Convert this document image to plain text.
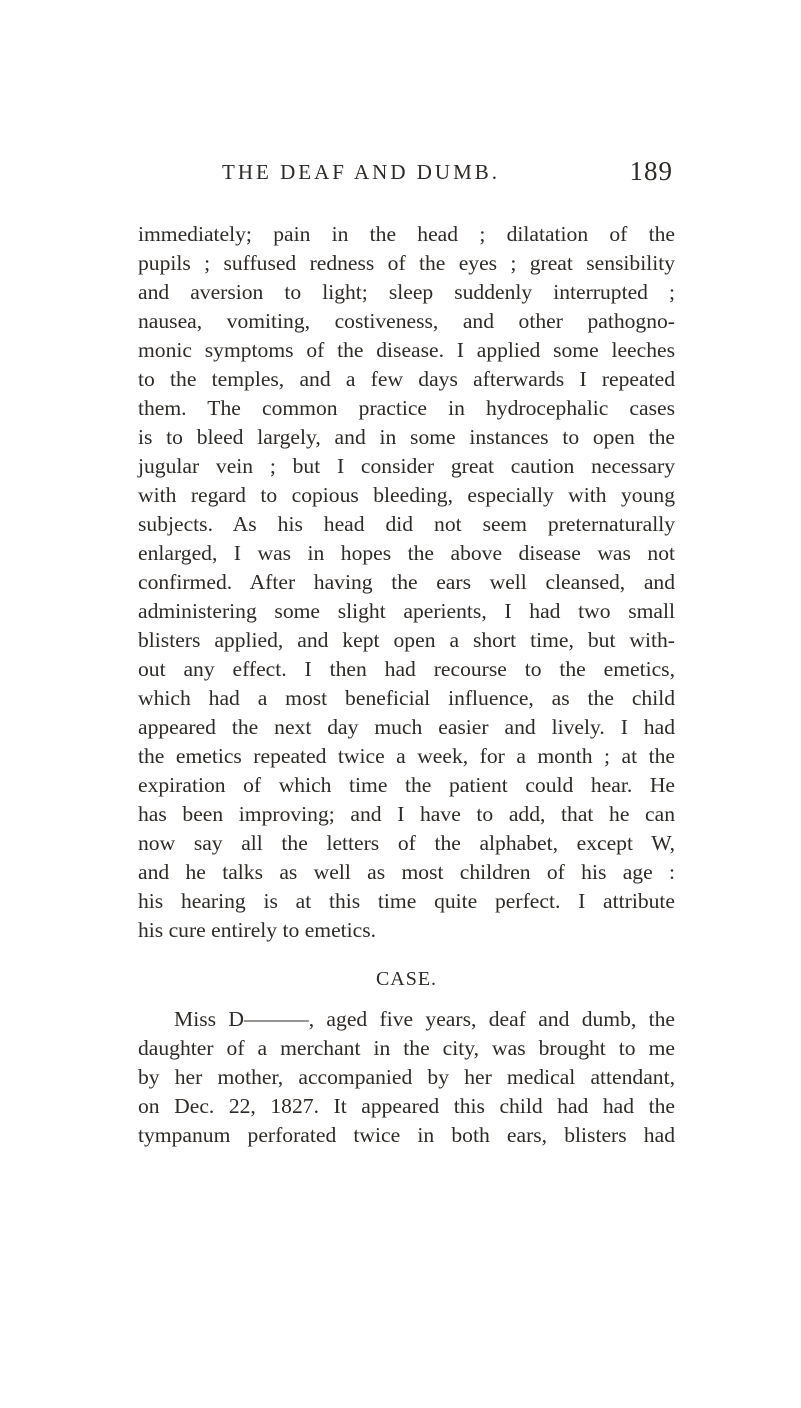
THE DEAF AND DUMB.	189
immediately; pain in the head ; dilatation of the
pupils ; suffused redness of the eyes ; great sensibility
and aversion to light; sleep suddenly interrupted ;
nausea, vomiting, costiveness, and other pathogno-
monic symptoms of the disease. I applied some leeches
to the temples, and a few days afterwards I repeated
them. The common practice in hydrocephalic cases
is to bleed largely, and in some instances to open the
jugular vein ; but I consider great caution necessary
with regard to copious bleeding, especially with young
subjects. As his head did not seem preternaturally
enlarged, I was in hopes the above disease was not
confirmed. After having the ears well cleansed, and
administering some slight aperients, I had two small
blisters applied, and kept open a short time, but with-
out any effect. I then had recourse to the emetics,
which had a most beneficial influence, as the child
appeared the next day much easier and lively. I had
the emetics repeated twice a week, for a month ; at the
expiration of which time the patient could hear. He
has been improving; and I have to add, that he can
now say all the letters of the alphabet, except W,
and he talks as well as most children of his age :
his hearing is at this time quite perfect. I attribute
his cure entirely to emetics.
CASE.
Miss D———, aged five years, deaf and dumb, the
daughter of a merchant in the city, was brought to me
by her mother, accompanied by her medical attendant,
on Dec. 22, 1827. It appeared this child had had the
tympanum perforated twice in both ears, blisters had
